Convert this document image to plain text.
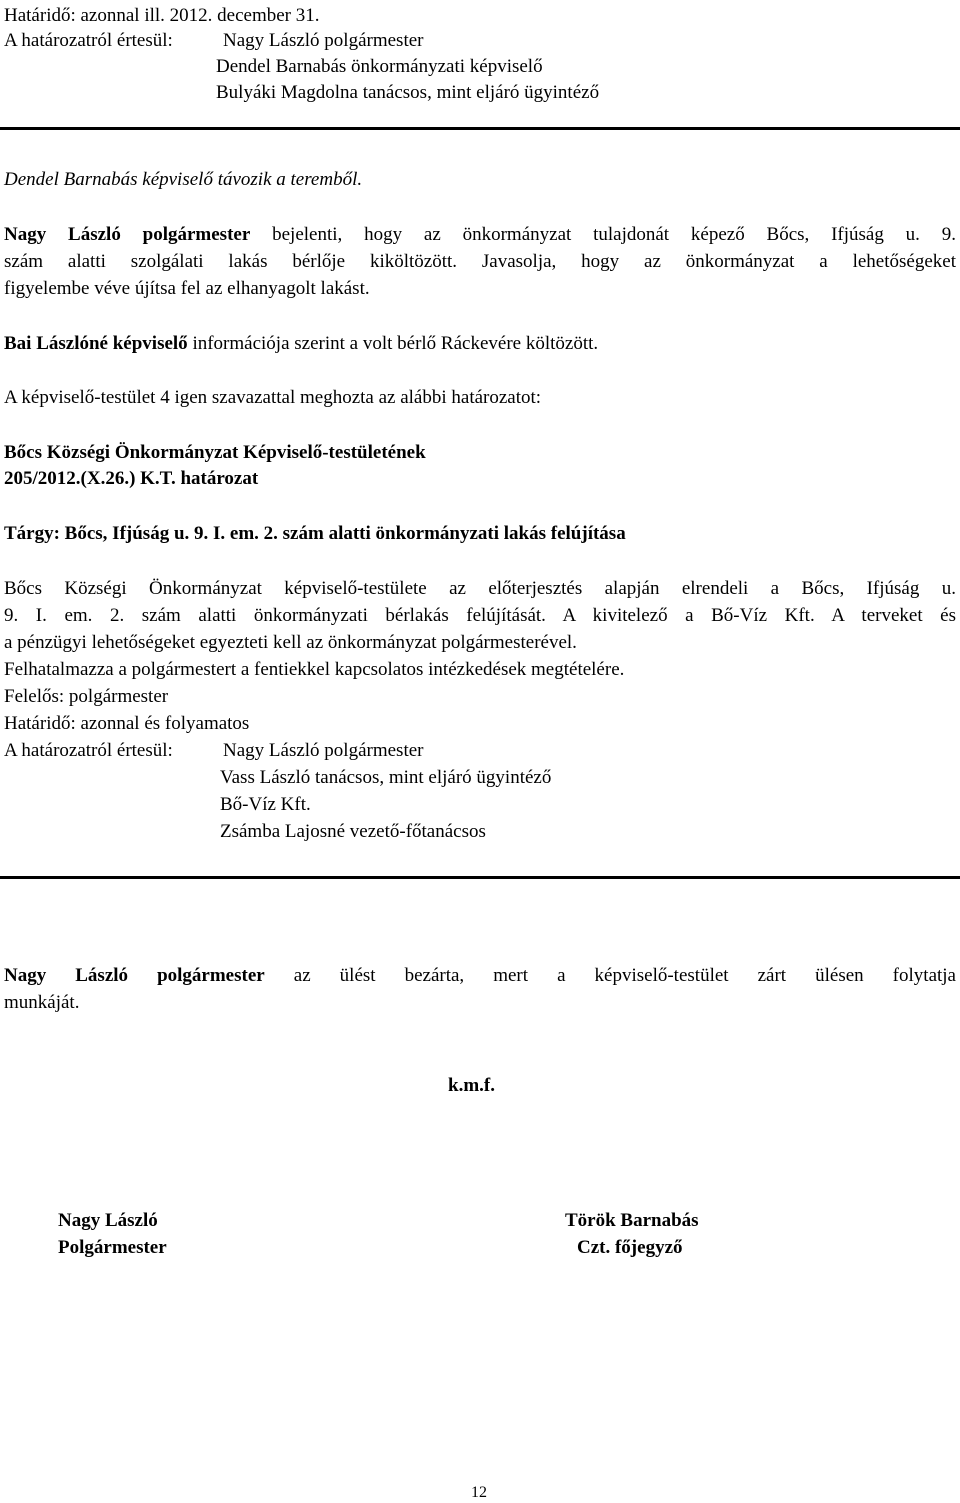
Határidő: azonnal ill. 2012. december 31.
A határozatról értesül:	Nagy László polgármester
Dendel Barnabás önkormányzati képviselő
Bulyáki Magdolna tanácsos, mint eljáró ügyintéző
Dendel Barnabás képviselő távozik a teremből.
Nagy László polgármester bejelenti, hogy az önkormányzat tulajdonát képező Bőcs, Ifjúság u. 9.
szám alatti szolgálati lakás bérlője kiköltözött. Javasolja, hogy az önkormányzat a lehetőségeket
figyelembe véve újítsa fel az elhanyagolt lakást.
Bai Lászlóné képviselő információja szerint a volt bérlő Ráckevére költözött.
A képviselő-testület 4 igen szavazattal meghozta az alábbi határozatot:
Bőcs Községi Önkormányzat Képviselő-testületének
205/2012.(X.26.) K.T. határozat
Tárgy: Bőcs, Ifjúság u. 9. I. em. 2. szám alatti önkormányzati lakás felújítása
Bőcs Községi Önkormányzat képviselő-testülete az előterjesztés alapján elrendeli a Bőcs, Ifjúság u.
9. I. em. 2. szám alatti önkormányzati bérlakás felújítását. A kivitelező a Bő-Víz Kft. A terveket és
a pénzügyi lehetőségeket egyezteti kell az önkormányzat polgármesterével.
Felhatalmazza a polgármestert a fentiekkel kapcsolatos intézkedések megtételére.
Felelős: polgármester
Határidő: azonnal és folyamatos
A határozatról értesül:	Nagy László polgármester
Vass László tanácsos, mint eljáró ügyintéző
Bő-Víz Kft.
Zsámba Lajosné vezető-főtanácsos
Nagy László polgármester az ülést bezárta, mert a képviselő-testület zárt ülésen folytatja
munkáját.
k.m.f.
Nagy László
Polgármester
Török Barnabás
Czt. főjegyző
12
